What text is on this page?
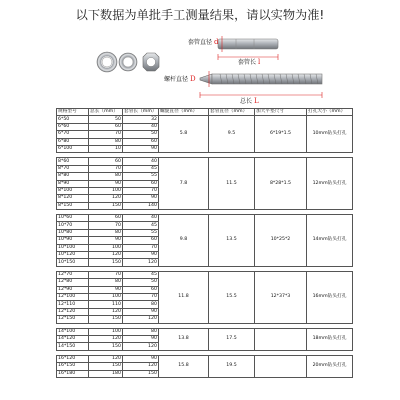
以下数据为单批手工测量结果，请以实物为准!
套管直径 d
套管长 l
螺杆直径 D
总长 L
规格型号	总长（mm）	套管长（mm）	螺旋直径（mm）	套管直径（mm）	加大平垫尺寸	打孔大小（mm）
6*50	50	32	5.8	9.5	6*19*1.5	10mm钻头打孔
6*60	60	40				
6*70	70	50				
6*80	80	60				
6*100	10	90				

8*60	60	40	7.8	11.5	8*28*1.5	12mm钻头打孔
8*70	70	45				
8*80	80	55				
8*90	90	60				
8*100	100	70				
8*120	120	90				
8*150	150	140				

10*60	60	40	9.8	13.5	10*25*2	14mm钻头打孔
10*70	70	45				
10*80	80	55				
10*90	90	60				
10*100	100	70				
10*120	120	90				
10*150	150	120				

12*70	70	45	11.8	15.5	12*37*3	16mm钻头打孔
12*80	80	50				
12*90	90	60				
12*100	100	70				
12*110	110	80				
12*120	120	90				
12*150	150	120				

14*100	100	80	13.8	17.5		18mm钻头打孔
14*120	120	90				
14*150	150	120				

16*120	120	90	15.8	19.5		20mm钻头打孔
16*150	150	120				
16*180	180	150				
